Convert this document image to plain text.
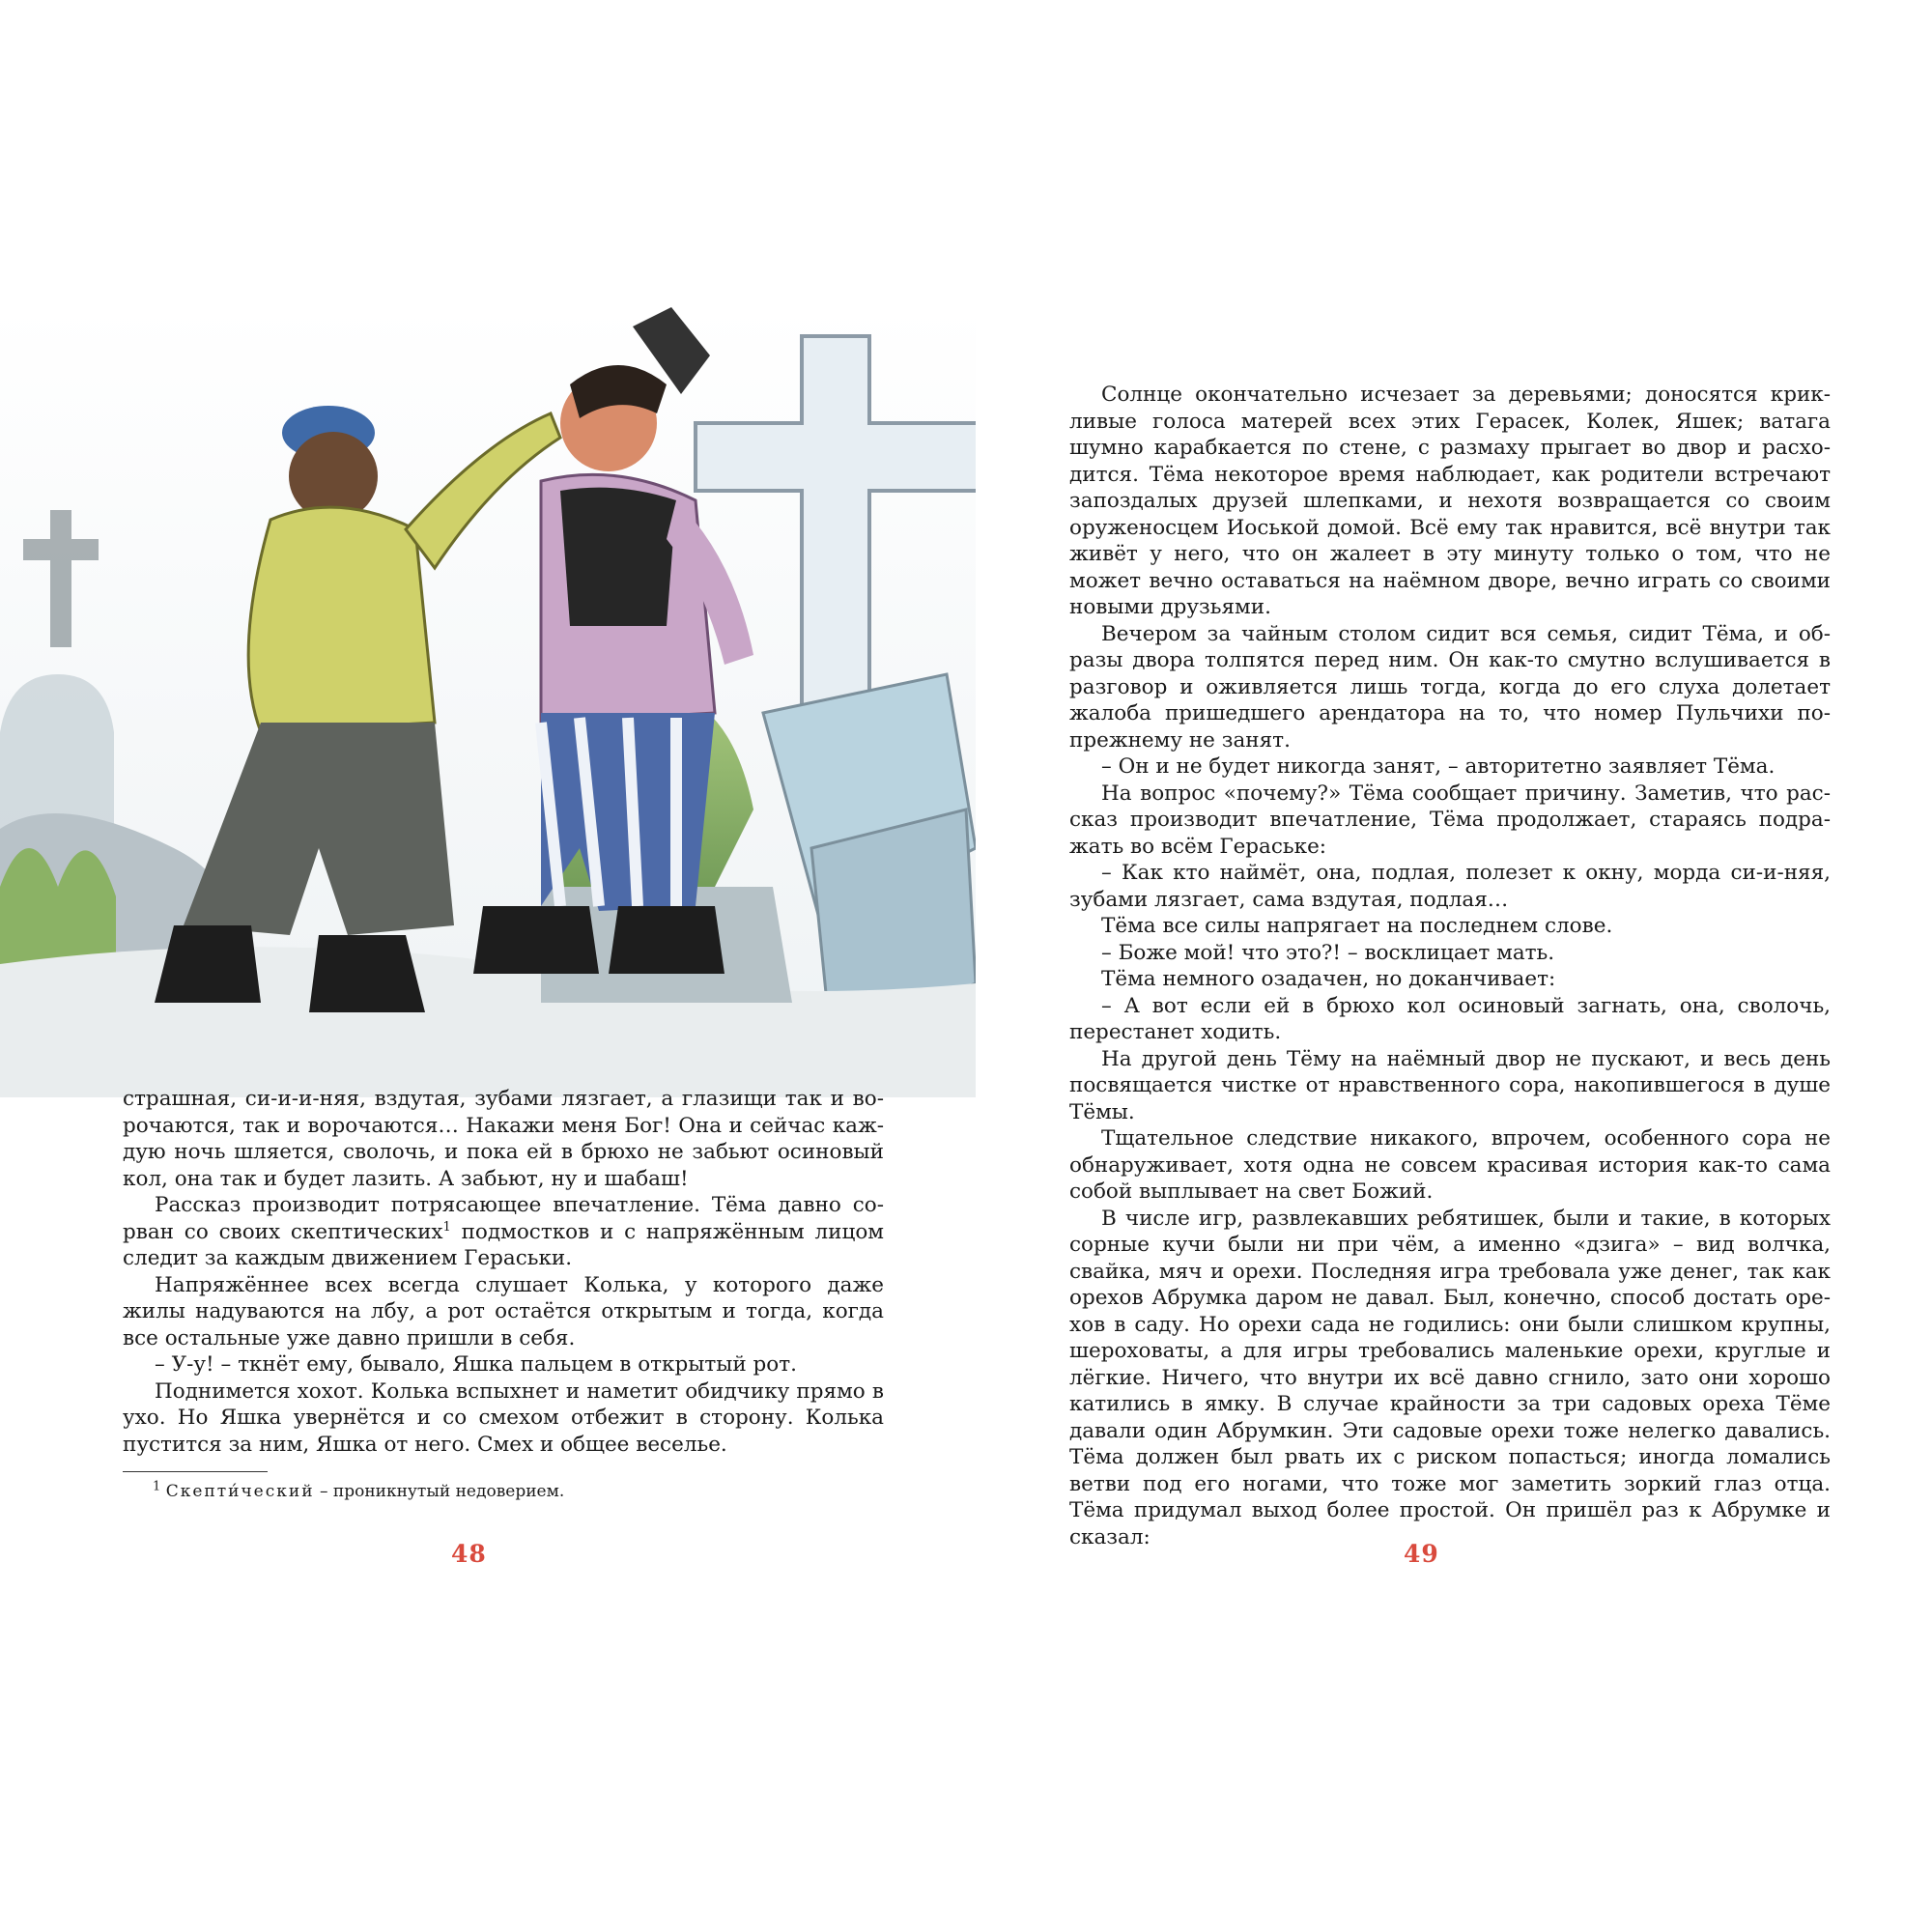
страшная, си-и-и-няя, вздутая, зубами лязгает, а глазищи так и ворочаются, так и ворочаются… Накажи меня Бог! Она и сейчас каждую ночь шляется, сволочь, и пока ей в брюхо не забьют осиновый кол, она так и будет лазить. А забьют, ну и шабаш!

Рассказ производит потрясающее впечатление. Тёма давно сорван со своих скептических$^1$ подмостков и с напряжённым лицом следит за каждым движением Гераськи.

Напряжённее всех всегда слушает Колька, у которого даже жилы надуваются на лбу, а рот остаётся открытым и тогда, когда все остальные уже давно пришли в себя.

– У-у! – ткнёт ему, бывало, Яшка пальцем в открытый рот.

Поднимется хохот. Колька вспыхнет и наметит обидчику прямо в ухо. Но Яшка увернётся и со смехом отбежит в сторону. Колька пустится за ним, Яшка от него. Смех и общее веселье.

$^1$ Скепти́ческий – проникнутый недоверием.
48

Солнце окончательно исчезает за деревьями; доносятся крикливые голоса матерей всех этих Герасек, Колек, Яшек; ватага шумно карабкается по стене, с размаху прыгает во двор и расходится. Тёма некоторое время наблюдает, как родители встречают запоздалых друзей шлепками, и нехотя возвращается со своим оруженосцем Иоськой домой. Всё ему так нравится, всё внутри так живёт у него, что он жалеет в эту минуту только о том, что не может вечно оставаться на наёмном дворе, вечно играть со своими новыми друзьями.

Вечером за чайным столом сидит вся семья, сидит Тёма, и образы двора толпятся перед ним. Он как-то смутно вслушивается в разговор и оживляется лишь тогда, когда до его слуха долетает жалоба пришедшего арендатора на то, что номер Пульчихи по-прежнему не занят.

– Он и не будет никогда занят, – авторитетно заявляет Тёма.

На вопрос «почему?» Тёма сообщает причину. Заметив, что рассказ производит впечатление, Тёма продолжает, стараясь подражать во всём Гераське:

– Как кто наймёт, она, подлая, полезет к окну, морда си-и-няя, зубами лязгает, сама вздутая, подлая…

Тёма все силы напрягает на последнем слове.

– Боже мой! что это?! – восклицает мать.

Тёма немного озадачен, но доканчивает:

– А вот если ей в брюхо кол осиновый загнать, она, сволочь, перестанет ходить.

На другой день Тёму на наёмный двор не пускают, и весь день посвящается чистке от нравственного сора, накопившегося в душе Тёмы.

Тщательное следствие никакого, впрочем, особенного сора не обнаруживает, хотя одна не совсем красивая история как-то сама собой выплывает на свет Божий.

В числе игр, развлекавших ребятишек, были и такие, в которых сорные кучи были ни при чём, а именно «дзига» – вид волчка, свайка, мяч и орехи. Последняя игра требовала уже денег, так как орехов Абрумка даром не давал. Был, конечно, способ достать орехов в саду. Но орехи сада не годились: они были слишком крупны, шероховаты, а для игры требовались маленькие орехи, круглые и лёгкие. Ничего, что внутри их всё давно сгнило, зато они хорошо катились в ямку. В случае крайности за три садовых ореха Тёме давали один Абрумкин. Эти садовые орехи тоже нелегко давались. Тёма должен был рвать их с риском попасться; иногда ломались ветви под его ногами, что тоже мог заметить зоркий глаз отца. Тёма придумал выход более простой. Он пришёл раз к Абрумке и сказал:

49
